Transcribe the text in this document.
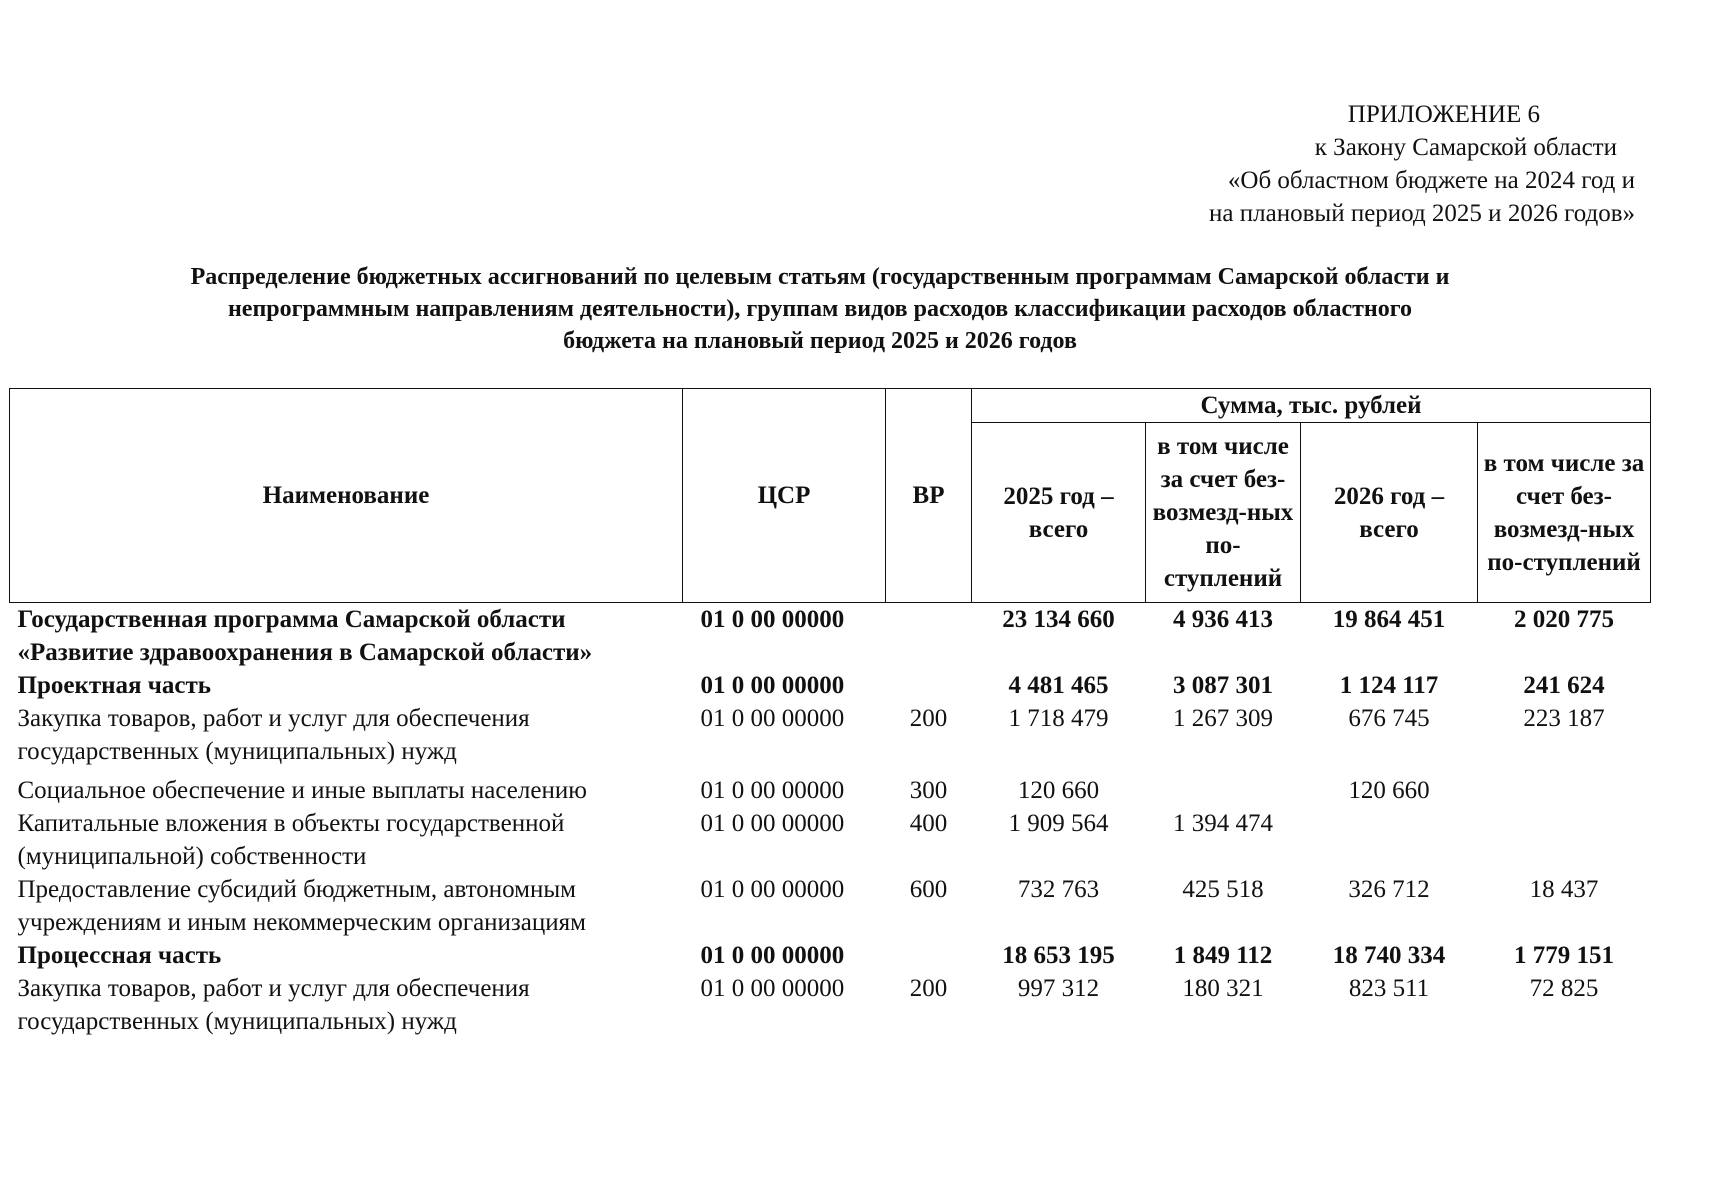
ПРИЛОЖЕНИЕ 6
к Закону Самарской области
«Об областном бюджете на 2024 год и
на плановый период 2025 и 2026 годов»
Распределение бюджетных ассигнований по целевым статьям (государственным программам Самарской области и
непрограммным направлениям деятельности), группам видов расходов классификации расходов областного
бюджета на плановый период 2025 и 2026 годов
Наименование	ЦСР	ВР	Сумма, тыс. рублей			
			2025 год – всего	в том числе за счет без-возмезд-ных по-ступлений	2026 год – всего	в том числе за счет без-возмезд-ных по-ступлений
Государственная программа Самарской области «Развитие здравоохранения в Самарской области»	01 0 00 00000		23 134 660	4 936 413	19 864 451	2 020 775
Проектная часть	01 0 00 00000		4 481 465	3 087 301	1 124 117	241 624
Закупка товаров, работ и услуг для обеспечения государственных (муниципальных) нужд	01 0 00 00000	200	1 718 479	1 267 309	676 745	223 187
Социальное обеспечение и иные выплаты населению	01 0 00 00000	300	120 660		120 660	
Капитальные вложения в объекты государственной (муниципальной) собственности	01 0 00 00000	400	1 909 564	1 394 474		
Предоставление субсидий бюджетным, автономным учреждениям и иным некоммерческим организациям	01 0 00 00000	600	732 763	425 518	326 712	18 437
Процессная часть	01 0 00 00000		18 653 195	1 849 112	18 740 334	1 779 151
Закупка товаров, работ и услуг для обеспечения государственных (муниципальных) нужд	01 0 00 00000	200	997 312	180 321	823 511	72 825
